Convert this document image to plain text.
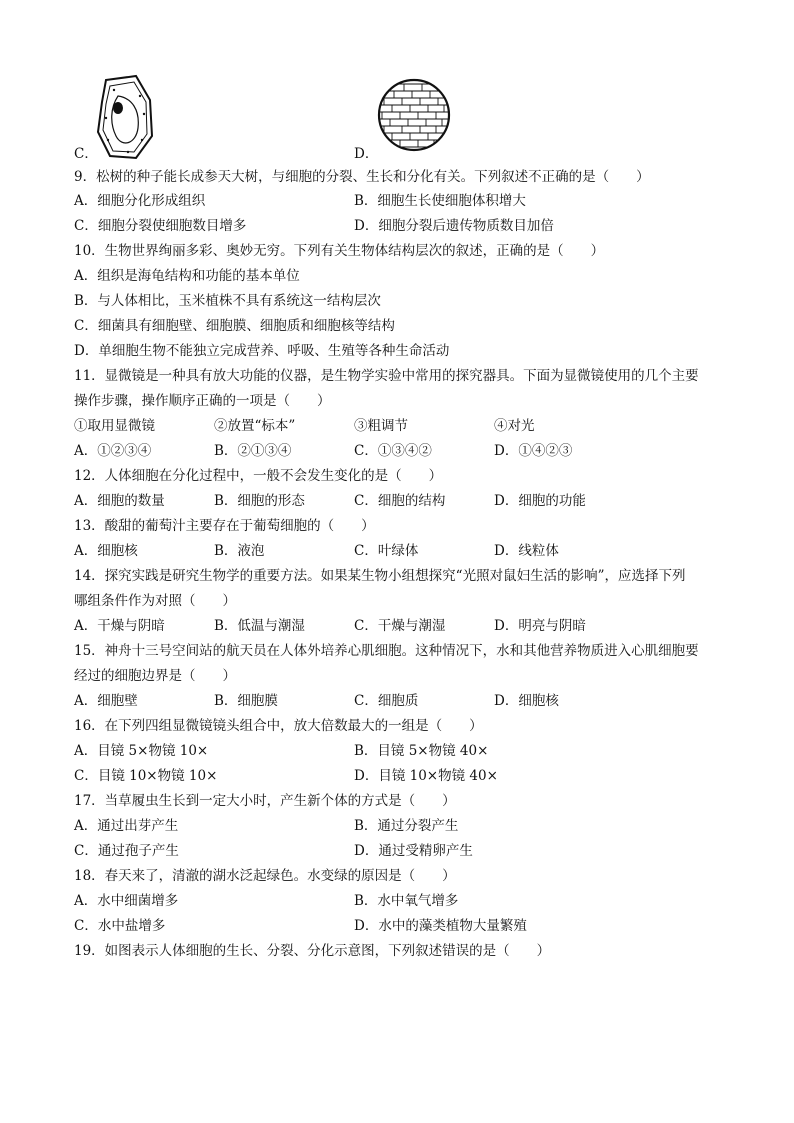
C．	D．
9．松树的种子能长成参天大树，与细胞的分裂、生长和分化有关。下列叙述不正确的是（　　）
A．细胞分化形成组织	B．细胞生长使细胞体积增大
C．细胞分裂使细胞数目增多	D．细胞分裂后遗传物质数目加倍
10．生物世界绚丽多彩、奥妙无穷。下列有关生物体结构层次的叙述，正确的是（　　）
A．组织是海龟结构和功能的基本单位
B．与人体相比，玉米植株不具有系统这一结构层次
C．细菌具有细胞壁、细胞膜、细胞质和细胞核等结构
D．单细胞生物不能独立完成营养、呼吸、生殖等各种生命活动
11．显微镜是一种具有放大功能的仪器，是生物学实验中常用的探究器具。下面为显微镜使用的几个主要
操作步骤，操作顺序正确的一项是（　　）
①取用显微镜	②放置“标本”	③粗调节	④对光
A．①②③④	B．②①③④	C．①③④②	D．①④②③
12．人体细胞在分化过程中，一般不会发生变化的是（　　）
A．细胞的数量	B．细胞的形态	C．细胞的结构	D．细胞的功能
13．酸甜的葡萄汁主要存在于葡萄细胞的（　　）
A．细胞核	B．液泡	C．叶绿体	D．线粒体
14．探究实践是研究生物学的重要方法。如果某生物小组想探究“光照对鼠妇生活的影响”，应选择下列
哪组条件作为对照（　　）
A．干燥与阴暗	B．低温与潮湿	C．干燥与潮湿	D．明亮与阴暗
15．神舟十三号空间站的航天员在人体外培养心肌细胞。这种情况下，水和其他营养物质进入心肌细胞要
经过的细胞边界是（　　）
A．细胞壁	B．细胞膜	C．细胞质	D．细胞核
16．在下列四组显微镜镜头组合中，放大倍数最大的一组是（　　）
A．目镜 5×物镜 10×	B．目镜 5×物镜 40×
C．目镜 10×物镜 10×	D．目镜 10×物镜 40×
17．当草履虫生长到一定大小时，产生新个体的方式是（　　）
A．通过出芽产生	B．通过分裂产生
C．通过孢子产生	D．通过受精卵产生
18．春天来了，清澈的湖水泛起绿色。水变绿的原因是（　　）
A．水中细菌增多	B．水中氧气增多
C．水中盐增多	D．水中的藻类植物大量繁殖
19．如图表示人体细胞的生长、分裂、分化示意图，下列叙述错误的是（　　）
